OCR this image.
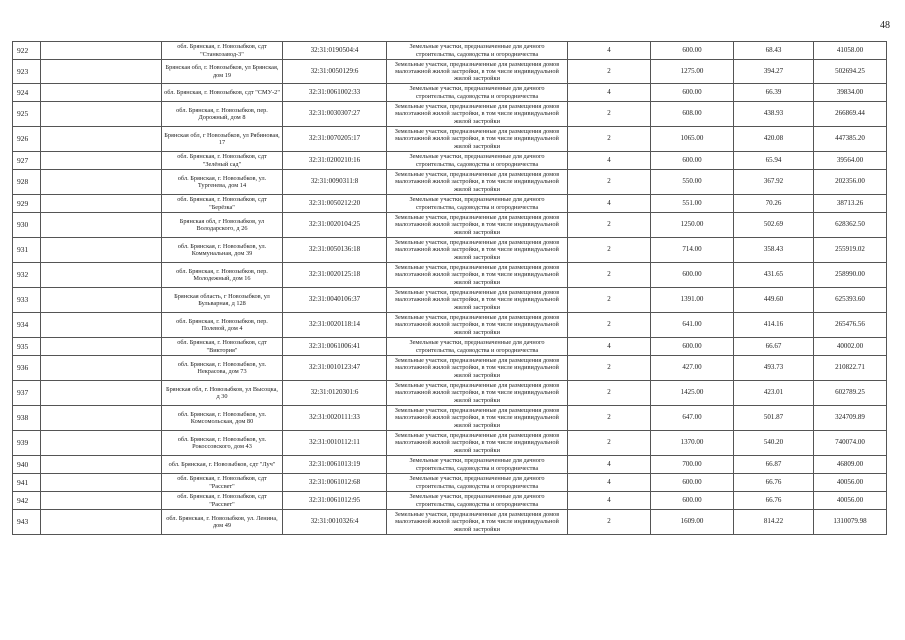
48
922		обл. Брянская, г. Новозыбков, сдт "Станкозавод-3"	32:31:0190504:4	Земельные участки, предназначенные для дачного строительства, садоводства и огородничества	4	600.00	68.43	41058.00
923		Брянская обл, г. Новозыбков, ул Брянская, дом 19	32:31:0050129:6	Земельные участки, предназначенные для размещения домов малоэтажной жилой застройки, в том числе индивидуальной жилой застройки	2	1275.00	394.27	502694.25
924		обл. Брянская, г. Новозыбков, сдт "СМУ-2"	32:31:0061002:33	Земельные участки, предназначенные для дачного строительства, садоводства и огородничества	4	600.00	66.39	39834.00
925		обл. Брянская, г. Новозыбков, пер. Дорожный, дом 8	32:31:0030307:27	Земельные участки, предназначенные для размещения домов малоэтажной жилой застройки, в том числе индивидуальной жилой застройки	2	608.00	438.93	266869.44
926		Брянская обл, г Новозыбков, ул Рябиновая, 17	32:31:0070205:17	Земельные участки, предназначенные для размещения домов малоэтажной жилой застройки, в том числе индивидуальной жилой застройки	2	1065.00	420.08	447385.20
927		обл. Брянская, г. Новозыбков, сдт "Зелёный сад"	32:31:0200210:16	Земельные участки, предназначенные для дачного строительства, садоводства и огородничества	4	600.00	65.94	39564.00
928		обл. Брянская, г. Новозыбков, ул. Тургенева, дом 14	32:31:0090311:8	Земельные участки, предназначенные для размещения домов малоэтажной жилой застройки, в том числе индивидуальной жилой застройки	2	550.00	367.92	202356.00
929		обл. Брянская, г. Новозыбков, сдт "Берёзка"	32:31:0050212:20	Земельные участки, предназначенные для дачного строительства, садоводства и огородничества	4	551.00	70.26	38713.26
930		Брянская обл, г Новозыбков, ул Володарского, д 26	32:31:0020104:25	Земельные участки, предназначенные для размещения домов малоэтажной жилой застройки, в том числе индивидуальной жилой застройки	2	1250.00	502.69	628362.50
931		обл. Брянская, г. Новозыбков, ул. Коммунальная, дом 39	32:31:0050136:18	Земельные участки, предназначенные для размещения домов малоэтажной жилой застройки, в том числе индивидуальной жилой застройки	2	714.00	358.43	255919.02
932		обл. Брянская, г. Новозыбков, пер. Молодежный, дом 16	32:31:0020125:18	Земельные участки, предназначенные для размещения домов малоэтажной жилой застройки, в том числе индивидуальной жилой застройки	2	600.00	431.65	258990.00
933		Брянская область, г Новозыбков, ул Бульварная, д 128	32:31:0040106:37	Земельные участки, предназначенные для размещения домов малоэтажной жилой застройки, в том числе индивидуальной жилой застройки	2	1391.00	449.60	625393.60
934		обл. Брянская, г. Новозыбков, пер. Полевой, дом 4	32:31:0020118:14	Земельные участки, предназначенные для размещения домов малоэтажной жилой застройки, в том числе индивидуальной жилой застройки	2	641.00	414.16	265476.56
935		обл. Брянская, г. Новозыбков, сдт "Виктория"	32:31:0061006:41	Земельные участки, предназначенные для дачного строительства, садоводства и огородничества	4	600.00	66.67	40002.00
936		обл. Брянская, г. Новозыбков, ул. Некрасова, дом 73	32:31:0010123:47	Земельные участки, предназначенные для размещения домов малоэтажной жилой застройки, в том числе индивидуальной жилой застройки	2	427.00	493.73	210822.71
937		Брянская обл, г. Новозыбков, ул Высоцка, д 30	32:31:0120301:6	Земельные участки, предназначенные для размещения домов малоэтажной жилой застройки, в том числе индивидуальной жилой застройки	2	1425.00	423.01	602789.25
938		обл. Брянская, г. Новозыбков, ул. Комсомольская, дом 80	32:31:0020111:33	Земельные участки, предназначенные для размещения домов малоэтажной жилой застройки, в том числе индивидуальной жилой застройки	2	647.00	501.87	324709.89
939		обл. Брянская, г. Новозыбков, ул. Рокоссовского, дом 43	32:31:0010112:11	Земельные участки, предназначенные для размещения домов малоэтажной жилой застройки, в том числе индивидуальной жилой застройки	2	1370.00	540.20	740074.00
940		обл. Брянская, г. Новозыбков, сдт "Луч"	32:31:0061013:19	Земельные участки, предназначенные для дачного строительства, садоводства и огородничества	4	700.00	66.87	46809.00
941		обл. Брянская, г. Новозыбков, сдт "Рассвет"	32:31:0061012:68	Земельные участки, предназначенные для дачного строительства, садоводства и огородничества	4	600.00	66.76	40056.00
942		обл. Брянская, г. Новозыбков, сдт "Рассвет"	32:31:0061012:95	Земельные участки, предназначенные для дачного строительства, садоводства и огородничества	4	600.00	66.76	40056.00
943		обл. Брянская, г. Новозыбков, ул. Ленина, дом 49	32:31:0010326:4	Земельные участки, предназначенные для размещения домов малоэтажной жилой застройки, в том числе индивидуальной жилой застройки	2	1609.00	814.22	1310079.98
